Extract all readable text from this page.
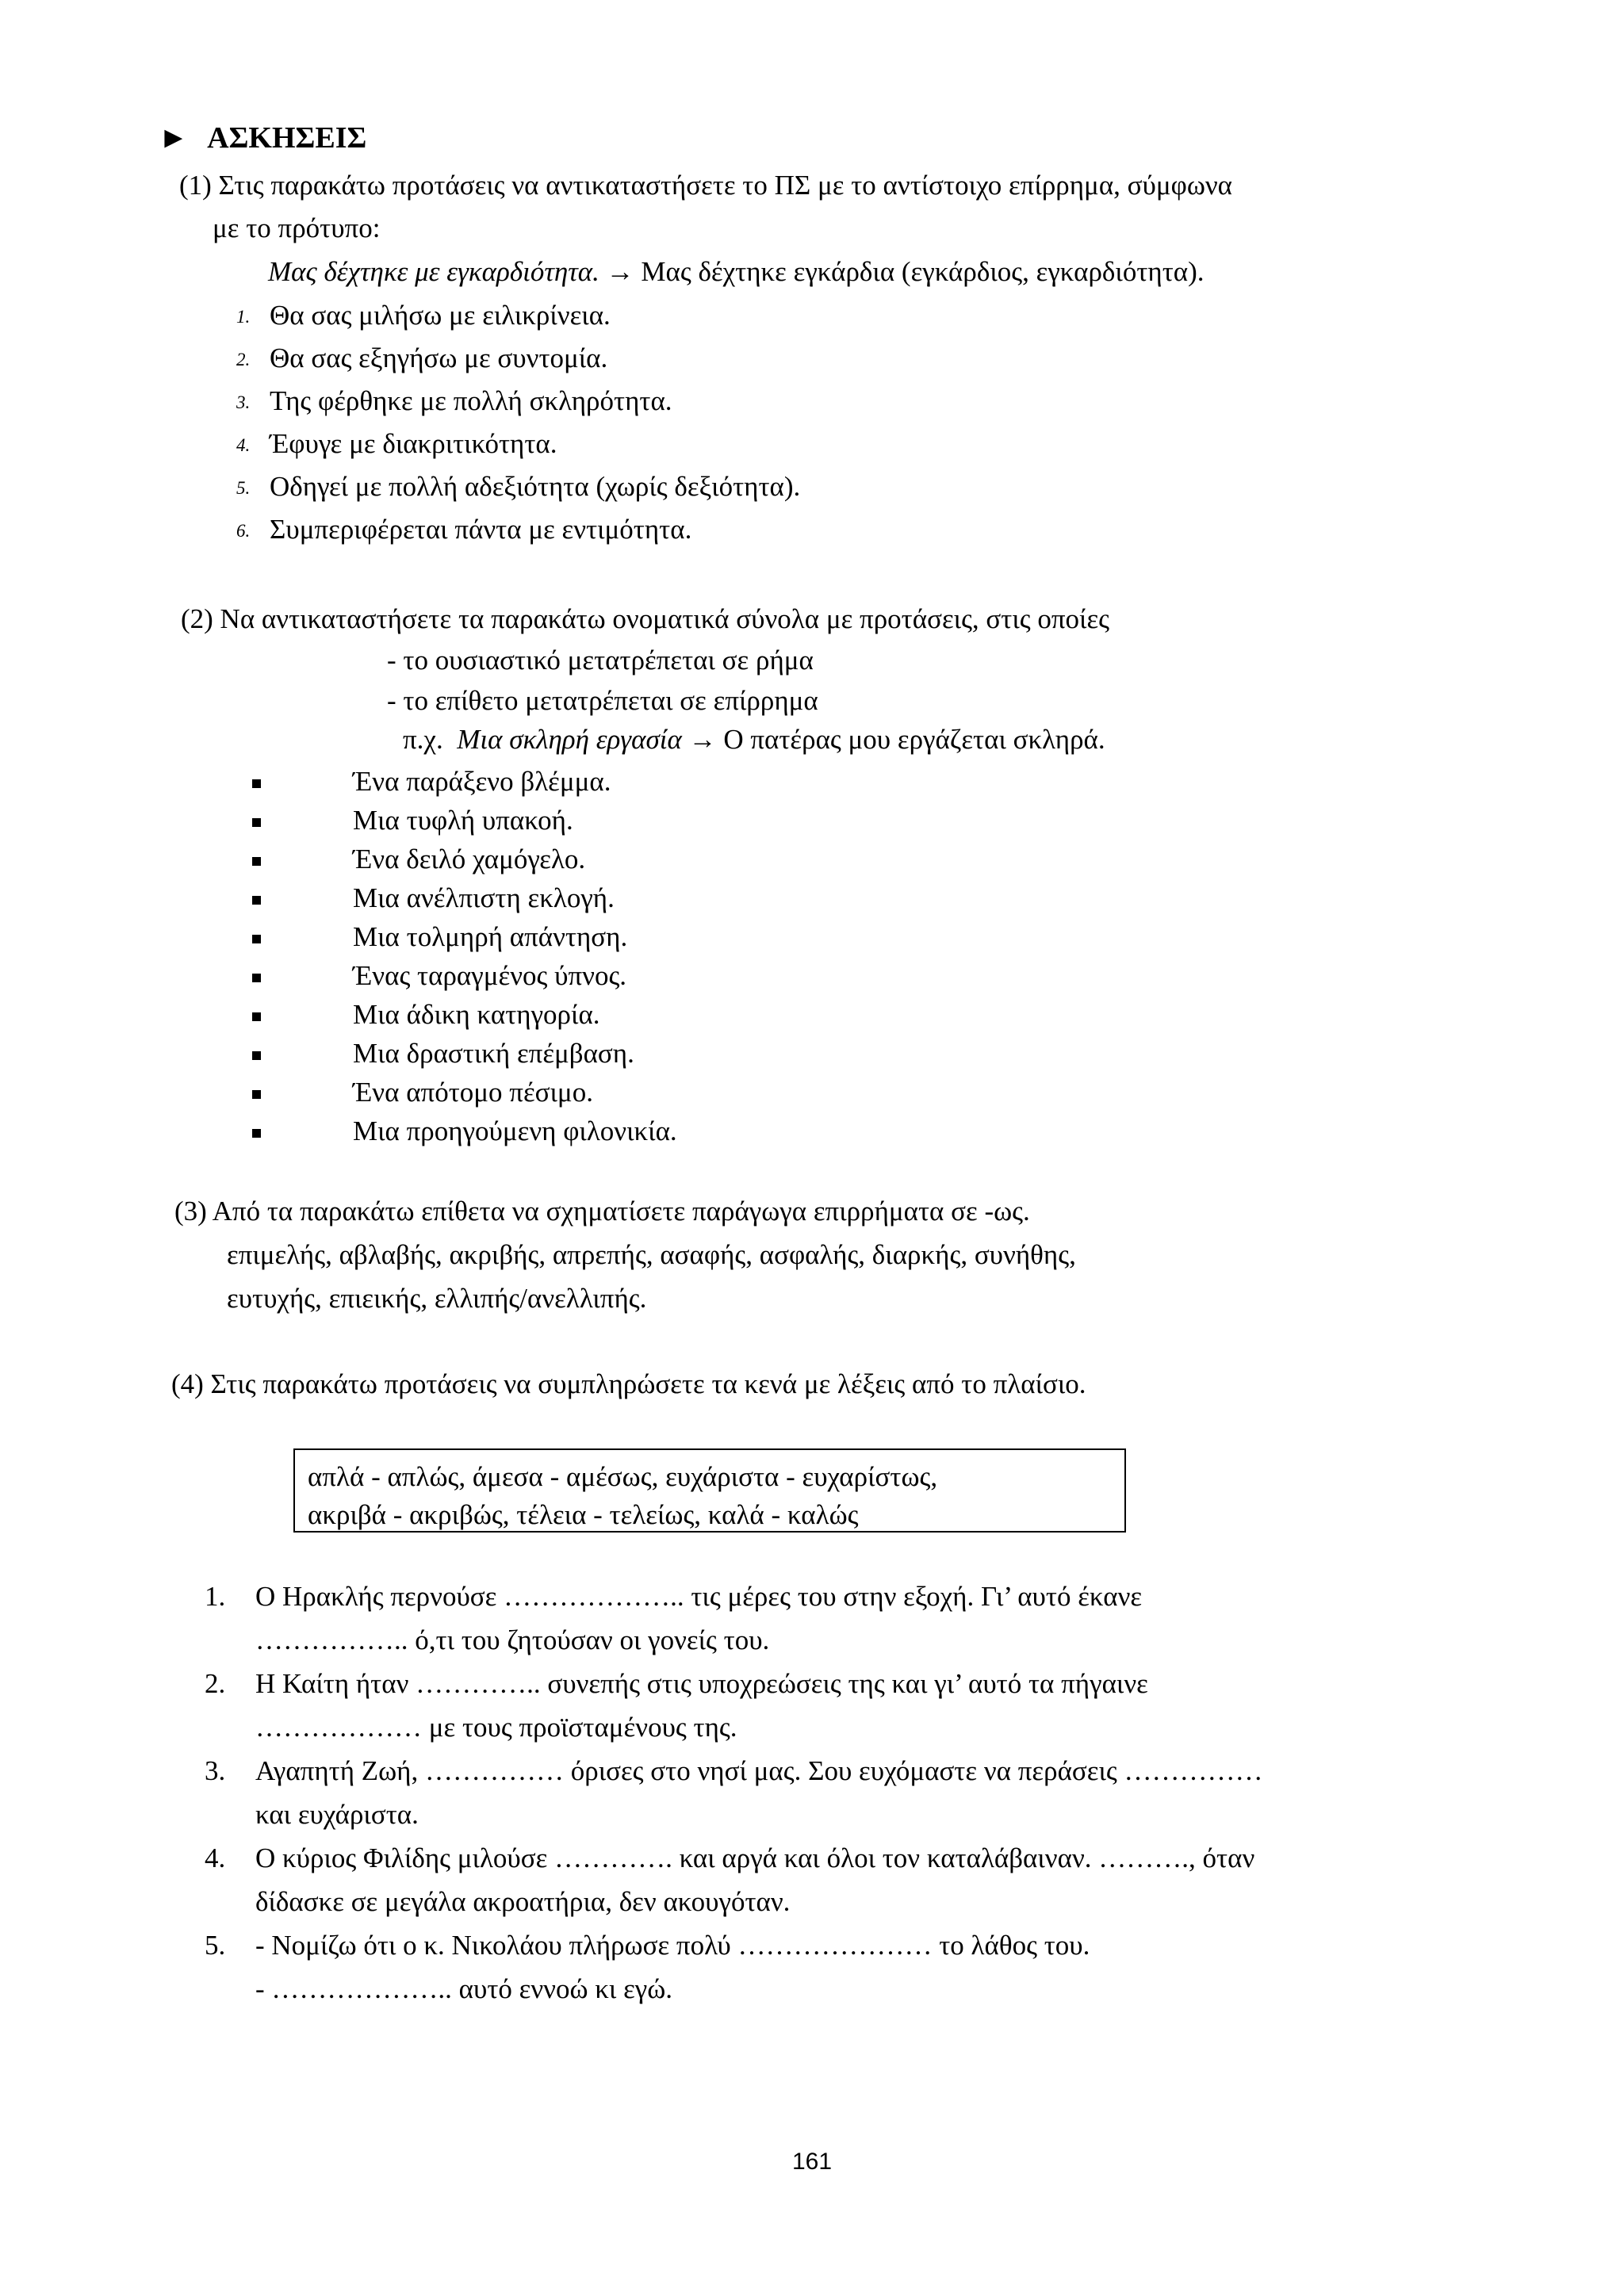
► ΑΣΚΗΣΕΙΣ
(1) Στις παρακάτω προτάσεις να αντικαταστήσετε το ΠΣ με το αντίστοιχο επίρρημα, σύμφωνα
με το πρότυπο:
Μας δέχτηκε με εγκαρδιότητα. → Μας δέχτηκε εγκάρδια (εγκάρδιος, εγκαρδιότητα).
1. Θα σας μιλήσω με ειλικρίνεια.
2. Θα σας εξηγήσω με συντομία.
3. Της φέρθηκε με πολλή σκληρότητα.
4. Έφυγε με διακριτικότητα.
5. Οδηγεί με πολλή αδεξιότητα (χωρίς δεξιότητα).
6. Συμπεριφέρεται πάντα με εντιμότητα.
(2) Να αντικαταστήσετε τα παρακάτω ονοματικά σύνολα με προτάσεις, στις οποίες
- το ουσιαστικό μετατρέπεται σε ρήμα
- το επίθετο μετατρέπεται σε επίρρημα
π.χ.  Μια σκληρή εργασία → Ο πατέρας μου εργάζεται σκληρά.
Ένα παράξενο βλέμμα.
Μια τυφλή υπακοή.
Ένα δειλό χαμόγελο.
Μια ανέλπιστη εκλογή.
Μια τολμηρή απάντηση.
Ένας ταραγμένος ύπνος.
Μια άδικη κατηγορία.
Μια δραστική επέμβαση.
Ένα απότομο πέσιμο.
Μια προηγούμενη φιλονικία.
(3) Από τα παρακάτω επίθετα να σχηματίσετε παράγωγα επιρρήματα σε -ως.
επιμελής, αβλαβής, ακριβής, απρεπής, ασαφής, ασφαλής, διαρκής, συνήθης,
ευτυχής, επιεικής, ελλιπής/ανελλιπής.
(4) Στις παρακάτω προτάσεις να συμπληρώσετε τα κενά με λέξεις από το πλαίσιο.
απλά - απλώς, άμεσα - αμέσως, ευχάριστα - ευχαρίστως,
ακριβά - ακριβώς, τέλεια - τελείως, καλά - καλώς
1. Ο Ηρακλής περνούσε ……………….. τις μέρες του στην εξοχή. Γι’ αυτό έκανε
…………….. ό,τι του ζητούσαν οι γονείς του.
2. Η Καίτη ήταν ………….. συνεπής στις υποχρεώσεις της και γι’ αυτό τα πήγαινε
……………… με τους προϊσταμένους της.
3. Αγαπητή Ζωή, …………… όρισες στο νησί μας. Σου ευχόμαστε να περάσεις ……………
και ευχάριστα.
4. Ο κύριος Φιλίδης μιλούσε …………. και αργά και όλοι τον καταλάβαιναν. ………., όταν
δίδασκε σε μεγάλα ακροατήρια, δεν ακουγόταν.
5. - Νομίζω ότι ο κ. Νικολάου πλήρωσε πολύ ………………… το λάθος του.
- ……………….. αυτό εννοώ κι εγώ.
161
